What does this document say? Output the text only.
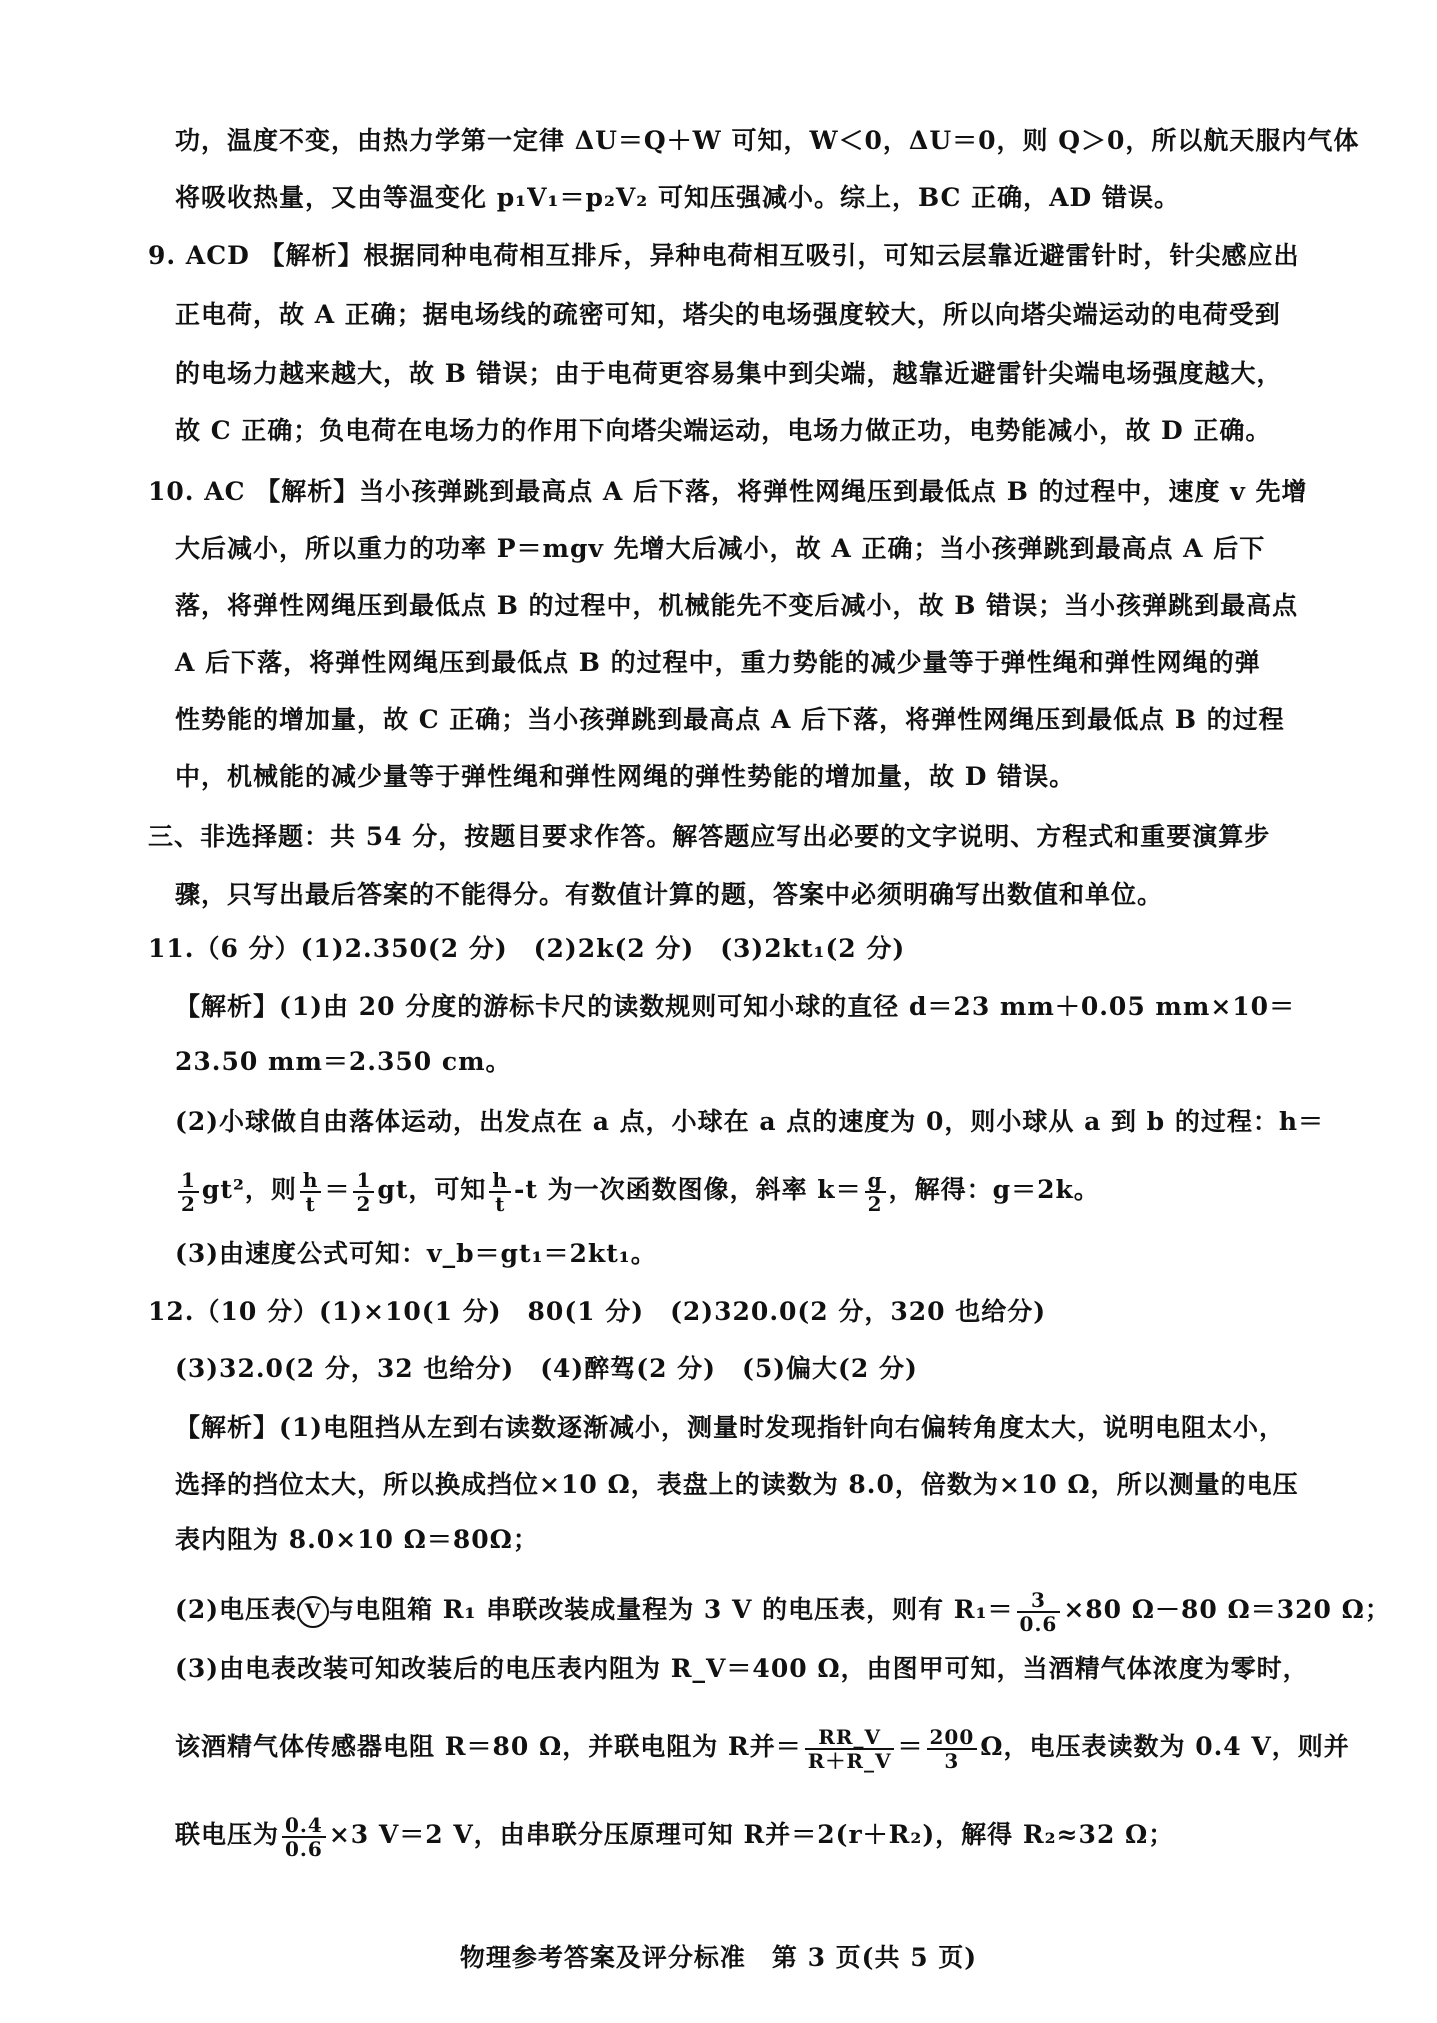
功，温度不变，由热力学第一定律 ΔU＝Q＋W 可知，W＜0，ΔU＝0，则 Q＞0，所以航天服内气体
将吸收热量，又由等温变化 p₁V₁＝p₂V₂ 可知压强减小。综上，BC 正确，AD 错误。
9. ACD 【解析】根据同种电荷相互排斥，异种电荷相互吸引，可知云层靠近避雷针时，针尖感应出
正电荷，故 A 正确；据电场线的疏密可知，塔尖的电场强度较大，所以向塔尖端运动的电荷受到
的电场力越来越大，故 B 错误；由于电荷更容易集中到尖端，越靠近避雷针尖端电场强度越大，
故 C 正确；负电荷在电场力的作用下向塔尖端运动，电场力做正功，电势能减小，故 D 正确。
10. AC 【解析】当小孩弹跳到最高点 A 后下落，将弹性网绳压到最低点 B 的过程中，速度 v 先增
大后减小，所以重力的功率 P＝mgv 先增大后减小，故 A 正确；当小孩弹跳到最高点 A 后下
落，将弹性网绳压到最低点 B 的过程中，机械能先不变后减小，故 B 错误；当小孩弹跳到最高点
A 后下落，将弹性网绳压到最低点 B 的过程中，重力势能的减少量等于弹性绳和弹性网绳的弹
性势能的增加量，故 C 正确；当小孩弹跳到最高点 A 后下落，将弹性网绳压到最低点 B 的过程
中，机械能的减少量等于弹性绳和弹性网绳的弹性势能的增加量，故 D 错误。
三、非选择题：共 54 分，按题目要求作答。解答题应写出必要的文字说明、方程式和重要演算步
骤，只写出最后答案的不能得分。有数值计算的题，答案中必须明确写出数值和单位。
11.（6 分）(1)2.350(2 分)　(2)2k(2 分)　(3)2kt₁(2 分)
【解析】(1)由 20 分度的游标卡尺的读数规则可知小球的直径 d＝23 mm＋0.05 mm×10＝
23.50 mm＝2.350 cm。
(2)小球做自由落体运动，出发点在 a 点，小球在 a 点的速度为 0，则小球从 a 到 b 的过程：h＝
$\frac{1}{2} gt^2$，则 $\frac{h}{t} = \frac{1}{2}$ gt，可知 $\frac{h}{t} -t$ 为一次函数图像，斜率 $k= \frac{g}{2}$ ，解得：g＝2k。
(3)由速度公式可知：v_b＝gt₁＝2kt₁。
12.（10 分）(1)×10(1 分)　80(1 分)　(2)320.0(2 分，320 也给分)
(3)32.0(2 分，32 也给分)　(4)醉驾(2 分)　(5)偏大(2 分)
【解析】(1)电阻挡从左到右读数逐渐减小，测量时发现指针向右偏转角度太大，说明电阻太小，
选择的挡位太大，所以换成挡位×10 Ω，表盘上的读数为 8.0，倍数为×10 Ω，所以测量的电压
表内阻为 8.0×10 Ω＝80Ω；
(2)电压表 V 与电阻箱 R₁ 串联改装成量程为 3 V 的电压表，则有 $R_1= \frac{3}{0.6} \times 80$ Ω－80 Ω＝320 Ω；
(3)由电表改装可知改装后的电压表内阻为 R_V＝400 Ω，由图甲可知，当酒精气体浓度为零时，
该酒精气体传感器电阻 R＝80 Ω，并联电阻为 R并＝ $\frac{RR\_V}{R+R\_V} = \frac{200}{3}$ Ω，电压表读数为 0.4 V，则并
联电压为 $\frac{0.4}{0.6} \times 3$ V＝2 V，由串联分压原理可知 R并＝2(r＋R₂)，解得 R₂≈32 Ω；
物理参考答案及评分标准　第 3 页(共 5 页)
